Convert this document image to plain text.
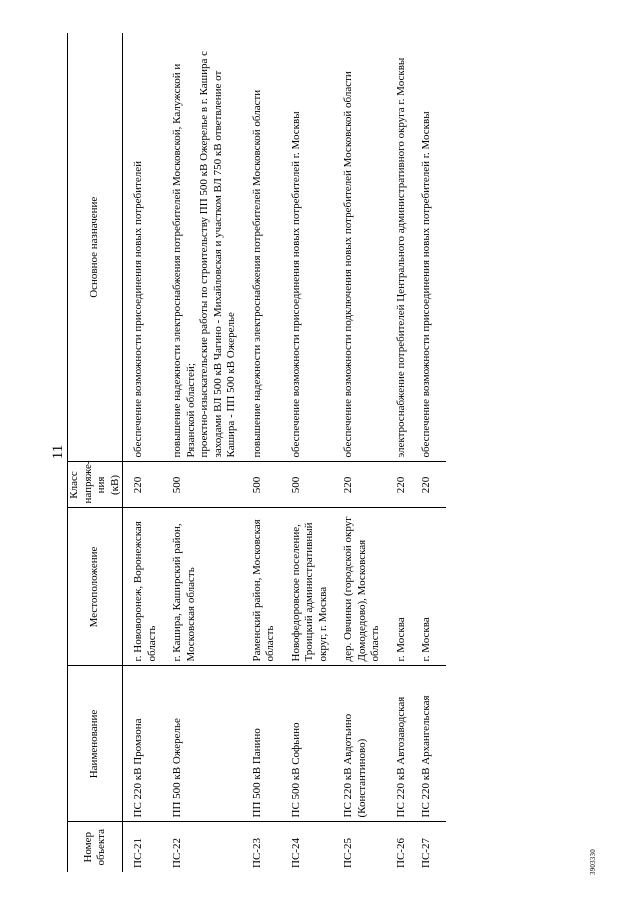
11
Номер объекта	Наименование	Местоположение	Класс напряже-ния (кВ)	Основное назначение
ПС-21	ПС 220 кВ Промзона	г. Нововоронеж, Воронежская область	220	обеспечение возможности присоединения новых потребителей

ПС-22	ПП 500 кВ Ожерелье	г. Кашира, Каширский район, Московская область	500	повышение надежности электроснабжения потребителей Московской, Калужской и Рязанской областей; проектно-изыскательские работы по строительству ПП 500 кВ Ожерелье в г. Кашира с заходами ВЛ 500 кВ Чагино - Михайловская и участком ВЛ 750 кВ ответвление от Кашира - ПП 500 кВ Ожерелье

ПС-23	ПП 500 кВ Панино	Раменский район, Московская область	500	повышение надежности электроснабжения потребителей Московской области

ПС-24	ПС 500 кВ Софьино	Новофедоровское поселение, Троицкий административный округ, г. Москва	500	обеспечение возможности присоединения новых потребителей г. Москвы

ПС-25	ПС 220 кВ Авдотьино (Константиново)	дер. Овчинки (городской округ Домодедово), Московская область	220	обеспечение возможности подключения новых потребителей Московской области

ПС-26	ПС 220 кВ Автозаводская	г. Москва	220	электроснабжение потребителей Центрального административного округа г. Москвы

ПС-27	ПС 220 кВ Архангельская	г. Москва	220	обеспечение возможности присоединения новых потребителей г. Москвы
3903330
